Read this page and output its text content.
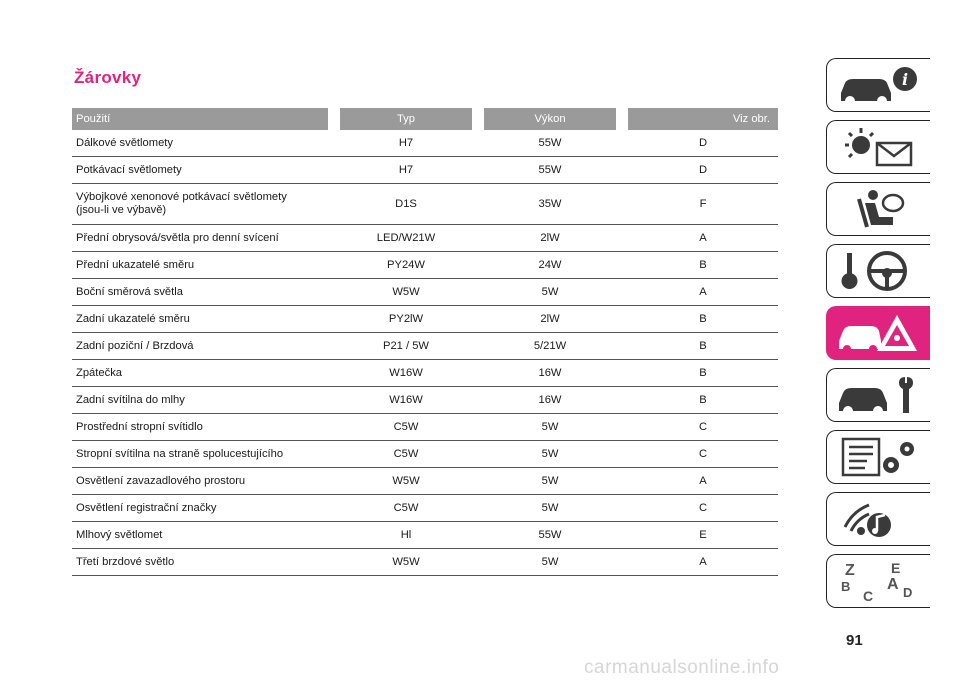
Žárovky
Použití		Typ		Výkon		Viz obr.
Dálkové světlomety		H7		55W		D
Potkávací světlomety		H7		55W		D
Výbojkové xenonové potkávací světlomety
(jsou-li ve výbavě)		D1S		35W		F
Přední obrysová/světla pro denní svícení		LED/W21W		2lW		A
Přední ukazatelé směru		PY24W		24W		B
Boční směrová světla		W5W		5W		A
Zadní ukazatelé směru		PY2lW		2lW		B
Zadní poziční / Brzdová		P21 / 5W		5/21W		B
Zpátečka		W16W		16W		B
Zadní svítilna do mlhy		W16W		16W		B
Prostřední stropní svítidlo		C5W		5W		C
Stropní svítilna na straně spolucestujícího		C5W		5W		C
Osvětlení zavazadlového prostoru		W5W		5W		A
Osvětlení registrační značky		C5W		5W		C
Mlhový světlomet		Hl		55W		E
Třetí brzdové světlo		W5W		5W		A
i
Z	E
B A
C D
91
carmanualsonline.info
